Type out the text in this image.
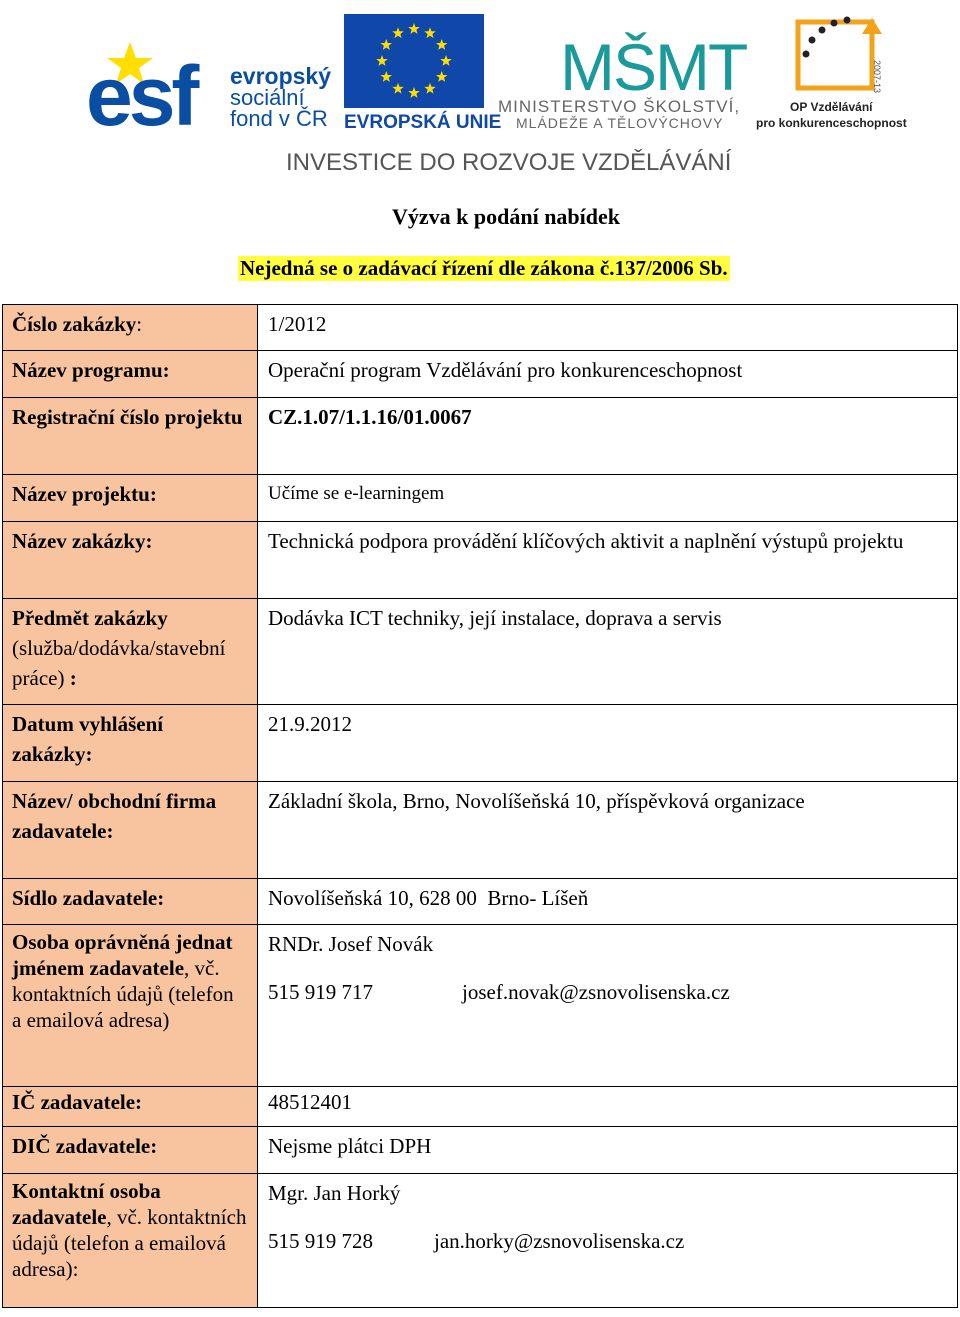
esf evropský
sociální
fond v ČR EVROPSKÁ UNIE
MŠMT
MINISTERSTVO ŠKOLSTVÍ,
MLÁDEŽE A TĚLOVÝCHOVY
2007-13
OP Vzdělávání
pro konkurenceschopnost
INVESTICE DO ROZVOJE VZDĚLÁVÁNÍ
Výzva k podání nabídek
Nejedná se o zadávací řízení dle zákona č.137/2006 Sb.
Číslo zakázky:	1/2012
Název programu:	Operační program Vzdělávání pro konkurenceschopnost
Registrační číslo projektu	CZ.1.07/1.1.16/01.0067
Název projektu:	Učíme se e-learningem
Název zakázky:	Technická podpora provádění klíčových aktivit a naplnění výstupů projektu
Předmět zakázky
(služba/dodávka/stavební práce) :	Dodávka ICT techniky, její instalace, doprava a servis
Datum vyhlášení zakázky:	21.9.2012
Název/ obchodní firma zadavatele:	Základní škola, Brno, Novolíšeňská 10, příspěvková organizace
Sídlo zadavatele:	Novolíšeňská 10, 628 00  Brno- Líšeň
Osoba oprávněná jednat jménem zadavatele, vč. kontaktních údajů (telefon a emailová adresa)	RNDr. Josef Novák
515 919 717 josef.novak@zsnovolisenska.cz

IČ zadavatele:	48512401
DIČ zadavatele:	Nejsme plátci DPH
Kontaktní osoba zadavatele, vč. kontaktních údajů (telefon a emailová adresa):	Mgr. Jan Horký
515 919 728 jan.horky@zsnovolisenska.cz
